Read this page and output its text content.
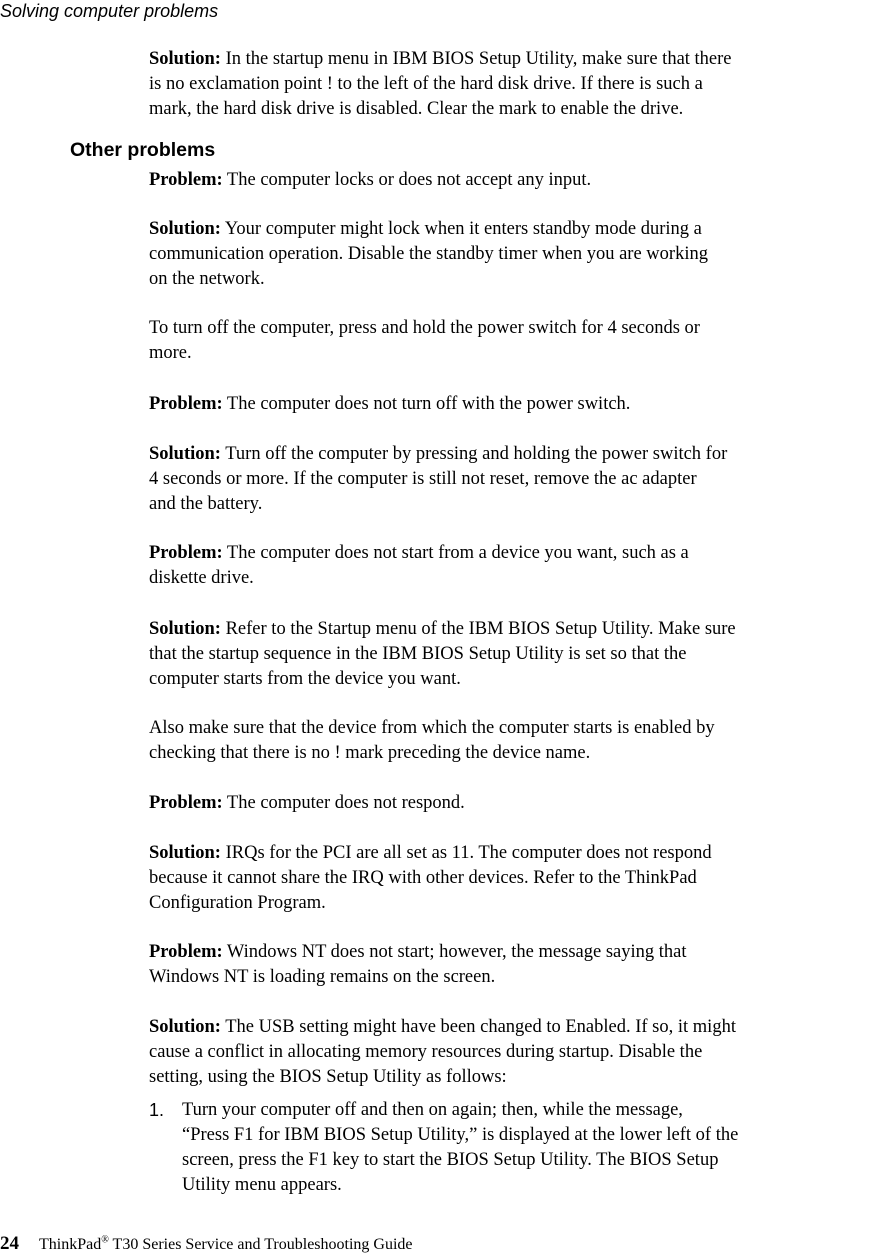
Solving computer problems

Solution: In the startup menu in IBM BIOS Setup Utility, make sure that there
is no exclamation point ! to the left of the hard disk drive. If there is such a
mark, the hard disk drive is disabled. Clear the mark to enable the drive.

Other problems

Problem: The computer locks or does not accept any input.

Solution: Your computer might lock when it enters standby mode during a
communication operation. Disable the standby timer when you are working
on the network.

To turn off the computer, press and hold the power switch for 4 seconds or
more.

Problem: The computer does not turn off with the power switch.

Solution: Turn off the computer by pressing and holding the power switch for
4 seconds or more. If the computer is still not reset, remove the ac adapter
and the battery.

Problem: The computer does not start from a device you want, such as a
diskette drive.

Solution: Refer to the Startup menu of the IBM BIOS Setup Utility. Make sure
that the startup sequence in the IBM BIOS Setup Utility is set so that the
computer starts from the device you want.

Also make sure that the device from which the computer starts is enabled by
checking that there is no ! mark preceding the device name.

Problem: The computer does not respond.

Solution: IRQs for the PCI are all set as 11. The computer does not respond
because it cannot share the IRQ with other devices. Refer to the ThinkPad
Configuration Program.

Problem: Windows NT does not start; however, the message saying that
Windows NT is loading remains on the screen.

Solution: The USB setting might have been changed to Enabled. If so, it might
cause a conflict in allocating memory resources during startup. Disable the
setting, using the BIOS Setup Utility as follows:

1. Turn your computer off and then on again; then, while the message,
“Press F1 for IBM BIOS Setup Utility,” is displayed at the lower left of the
screen, press the F1 key to start the BIOS Setup Utility. The BIOS Setup
Utility menu appears.

24 ThinkPad® T30 Series Service and Troubleshooting Guide
